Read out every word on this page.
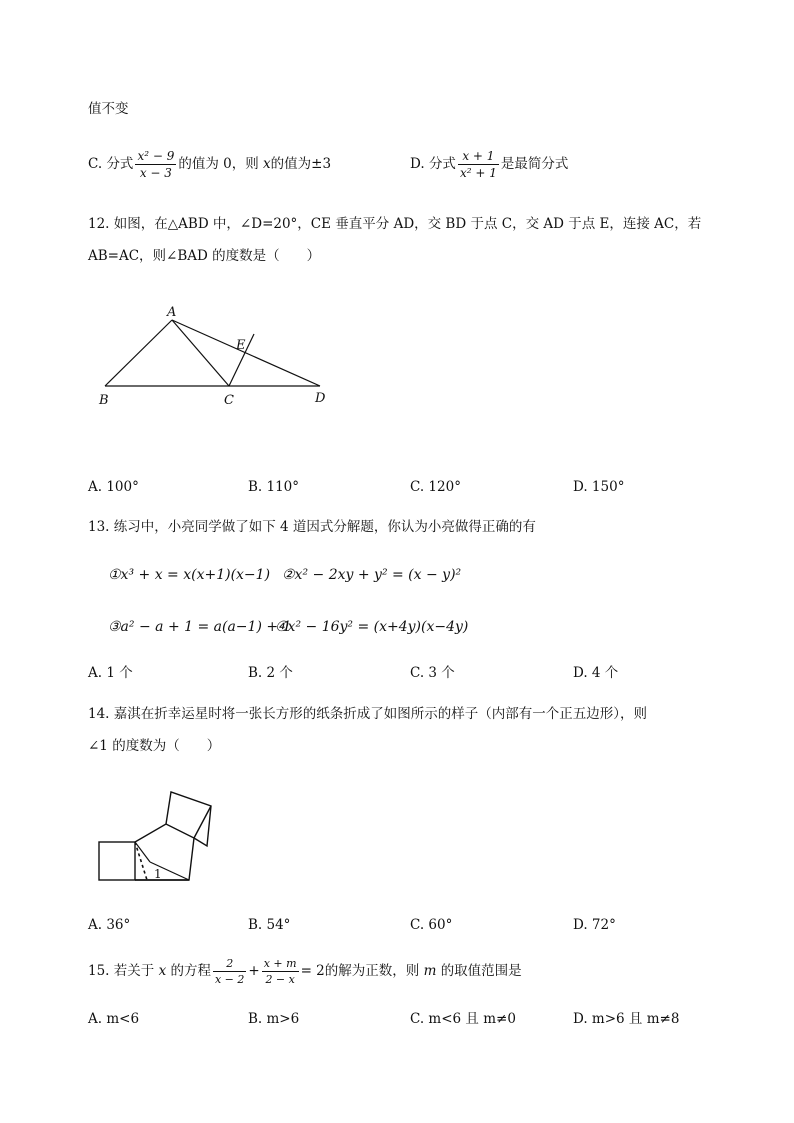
值不变
C. 分式 $\frac{\text{x² − 9}}{x - 3}$ 的值为 0，则 x的值为±3	D. 分式 $\frac{x + 1}{\text{x² + 1}}$ 是最简分式
12. 如图，在△ABD 中，∠D=20°，CE 垂直平分 AD，交 BD 于点 C，交 AD 于点 E，连接 AC，若
AB=AC，则∠BAD 的度数是（　　）
A
B	C	D
E
A. 100°	B. 110°	C. 120°	D. 150°
13. 练习中，小亮同学做了如下 4 道因式分解题，你认为小亮做得正确的有
①x³ + x = x(x+1)(x−1) ②x² − 2xy + y² = (x − y)²
③a² − a + 1 = a(a−1) + 1
④x² − 16y² = (x+4y)(x−4y)
A. 1 个	B. 2 个	C. 3 个	D. 4 个
14. 嘉淇在折幸运星时将一张长方形的纸条折成了如图所示的样子（内部有一个正五边形），则
∠1 的度数为（　　）
1
A. 36°	B. 54°	C. 60°	D. 72°
15. 若关于 x 的方程 $\frac{2}{x - 2} + \frac{x + m}{2 - x} = 2$的解为正数，则 m 的取值范围是
A. m<6	B. m>6	C. m<6 且 m≠0	D. m>6 且 m≠8
